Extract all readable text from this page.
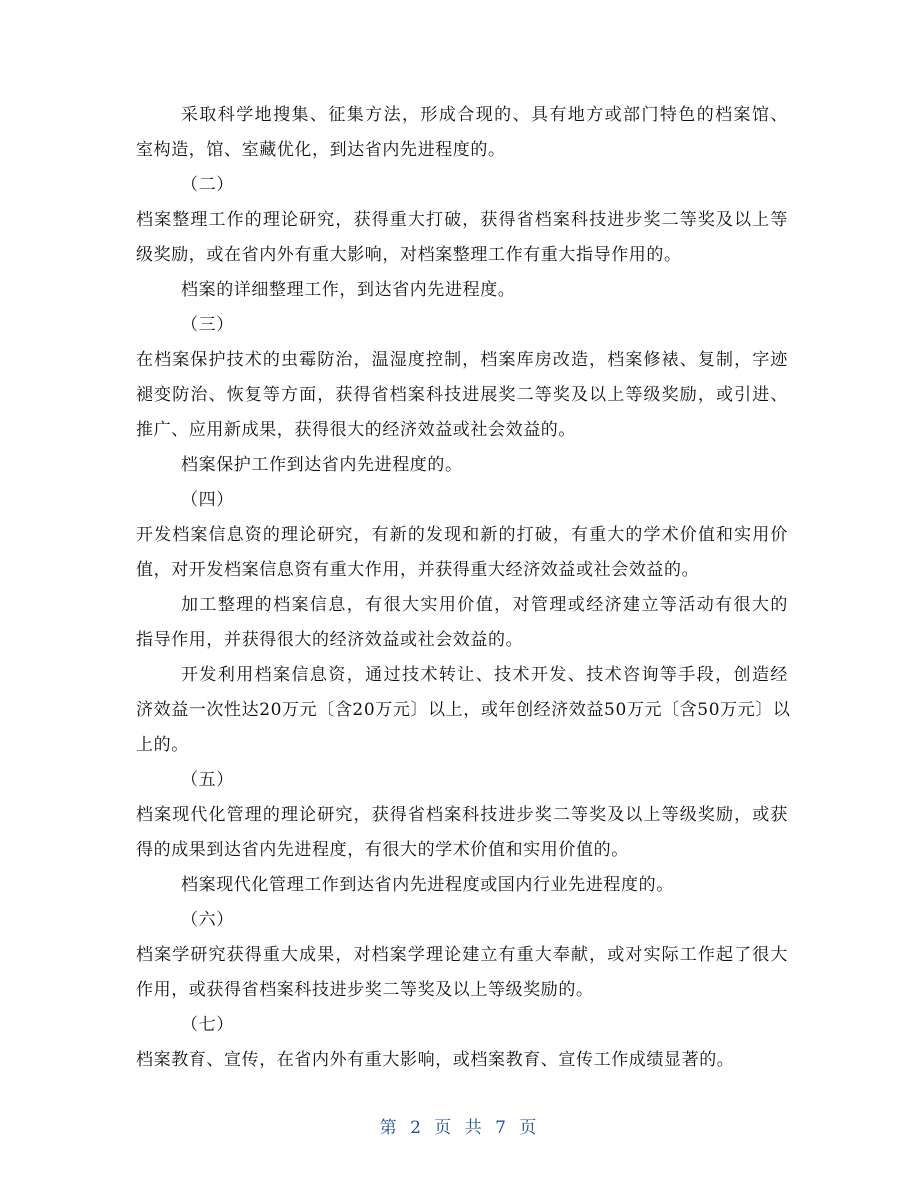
采取科学地搜集、征集方法，形成合现的、具有地方或部门特色的档案馆、
室构造，馆、室藏优化，到达省内先进程度的。
（二）
档案整理工作的理论研究，获得重大打破，获得省档案科技进步奖二等奖及以上等
级奖励，或在省内外有重大影响，对档案整理工作有重大指导作用的。
档案的详细整理工作，到达省内先进程度。
（三）
在档案保护技术的虫霉防治，温湿度控制，档案库房改造，档案修裱、复制，字迹
褪变防治、恢复等方面，获得省档案科技进展奖二等奖及以上等级奖励，或引进、
推广、应用新成果，获得很大的经济效益或社会效益的。
档案保护工作到达省内先进程度的。
（四）
开发档案信息资的理论研究，有新的发现和新的打破，有重大的学术价值和实用价
值，对开发档案信息资有重大作用，并获得重大经济效益或社会效益的。
加工整理的档案信息，有很大实用价值，对管理或经济建立等活动有很大的
指导作用，并获得很大的经济效益或社会效益的。
开发利用档案信息资，通过技术转让、技术开发、技术咨询等手段，创造经
济效益一次性达20万元〔含20万元〕以上，或年创经济效益50万元〔含50万元〕以
上的。
（五）
档案现代化管理的理论研究，获得省档案科技进步奖二等奖及以上等级奖励，或获
得的成果到达省内先进程度，有很大的学术价值和实用价值的。
档案现代化管理工作到达省内先进程度或国内行业先进程度的。
（六）
档案学研究获得重大成果，对档案学理论建立有重大奉献，或对实际工作起了很大
作用，或获得省档案科技进步奖二等奖及以上等级奖励的。
（七）
档案教育、宣传，在省内外有重大影响，或档案教育、宣传工作成绩显著的。
第 2 页 共 7 页
